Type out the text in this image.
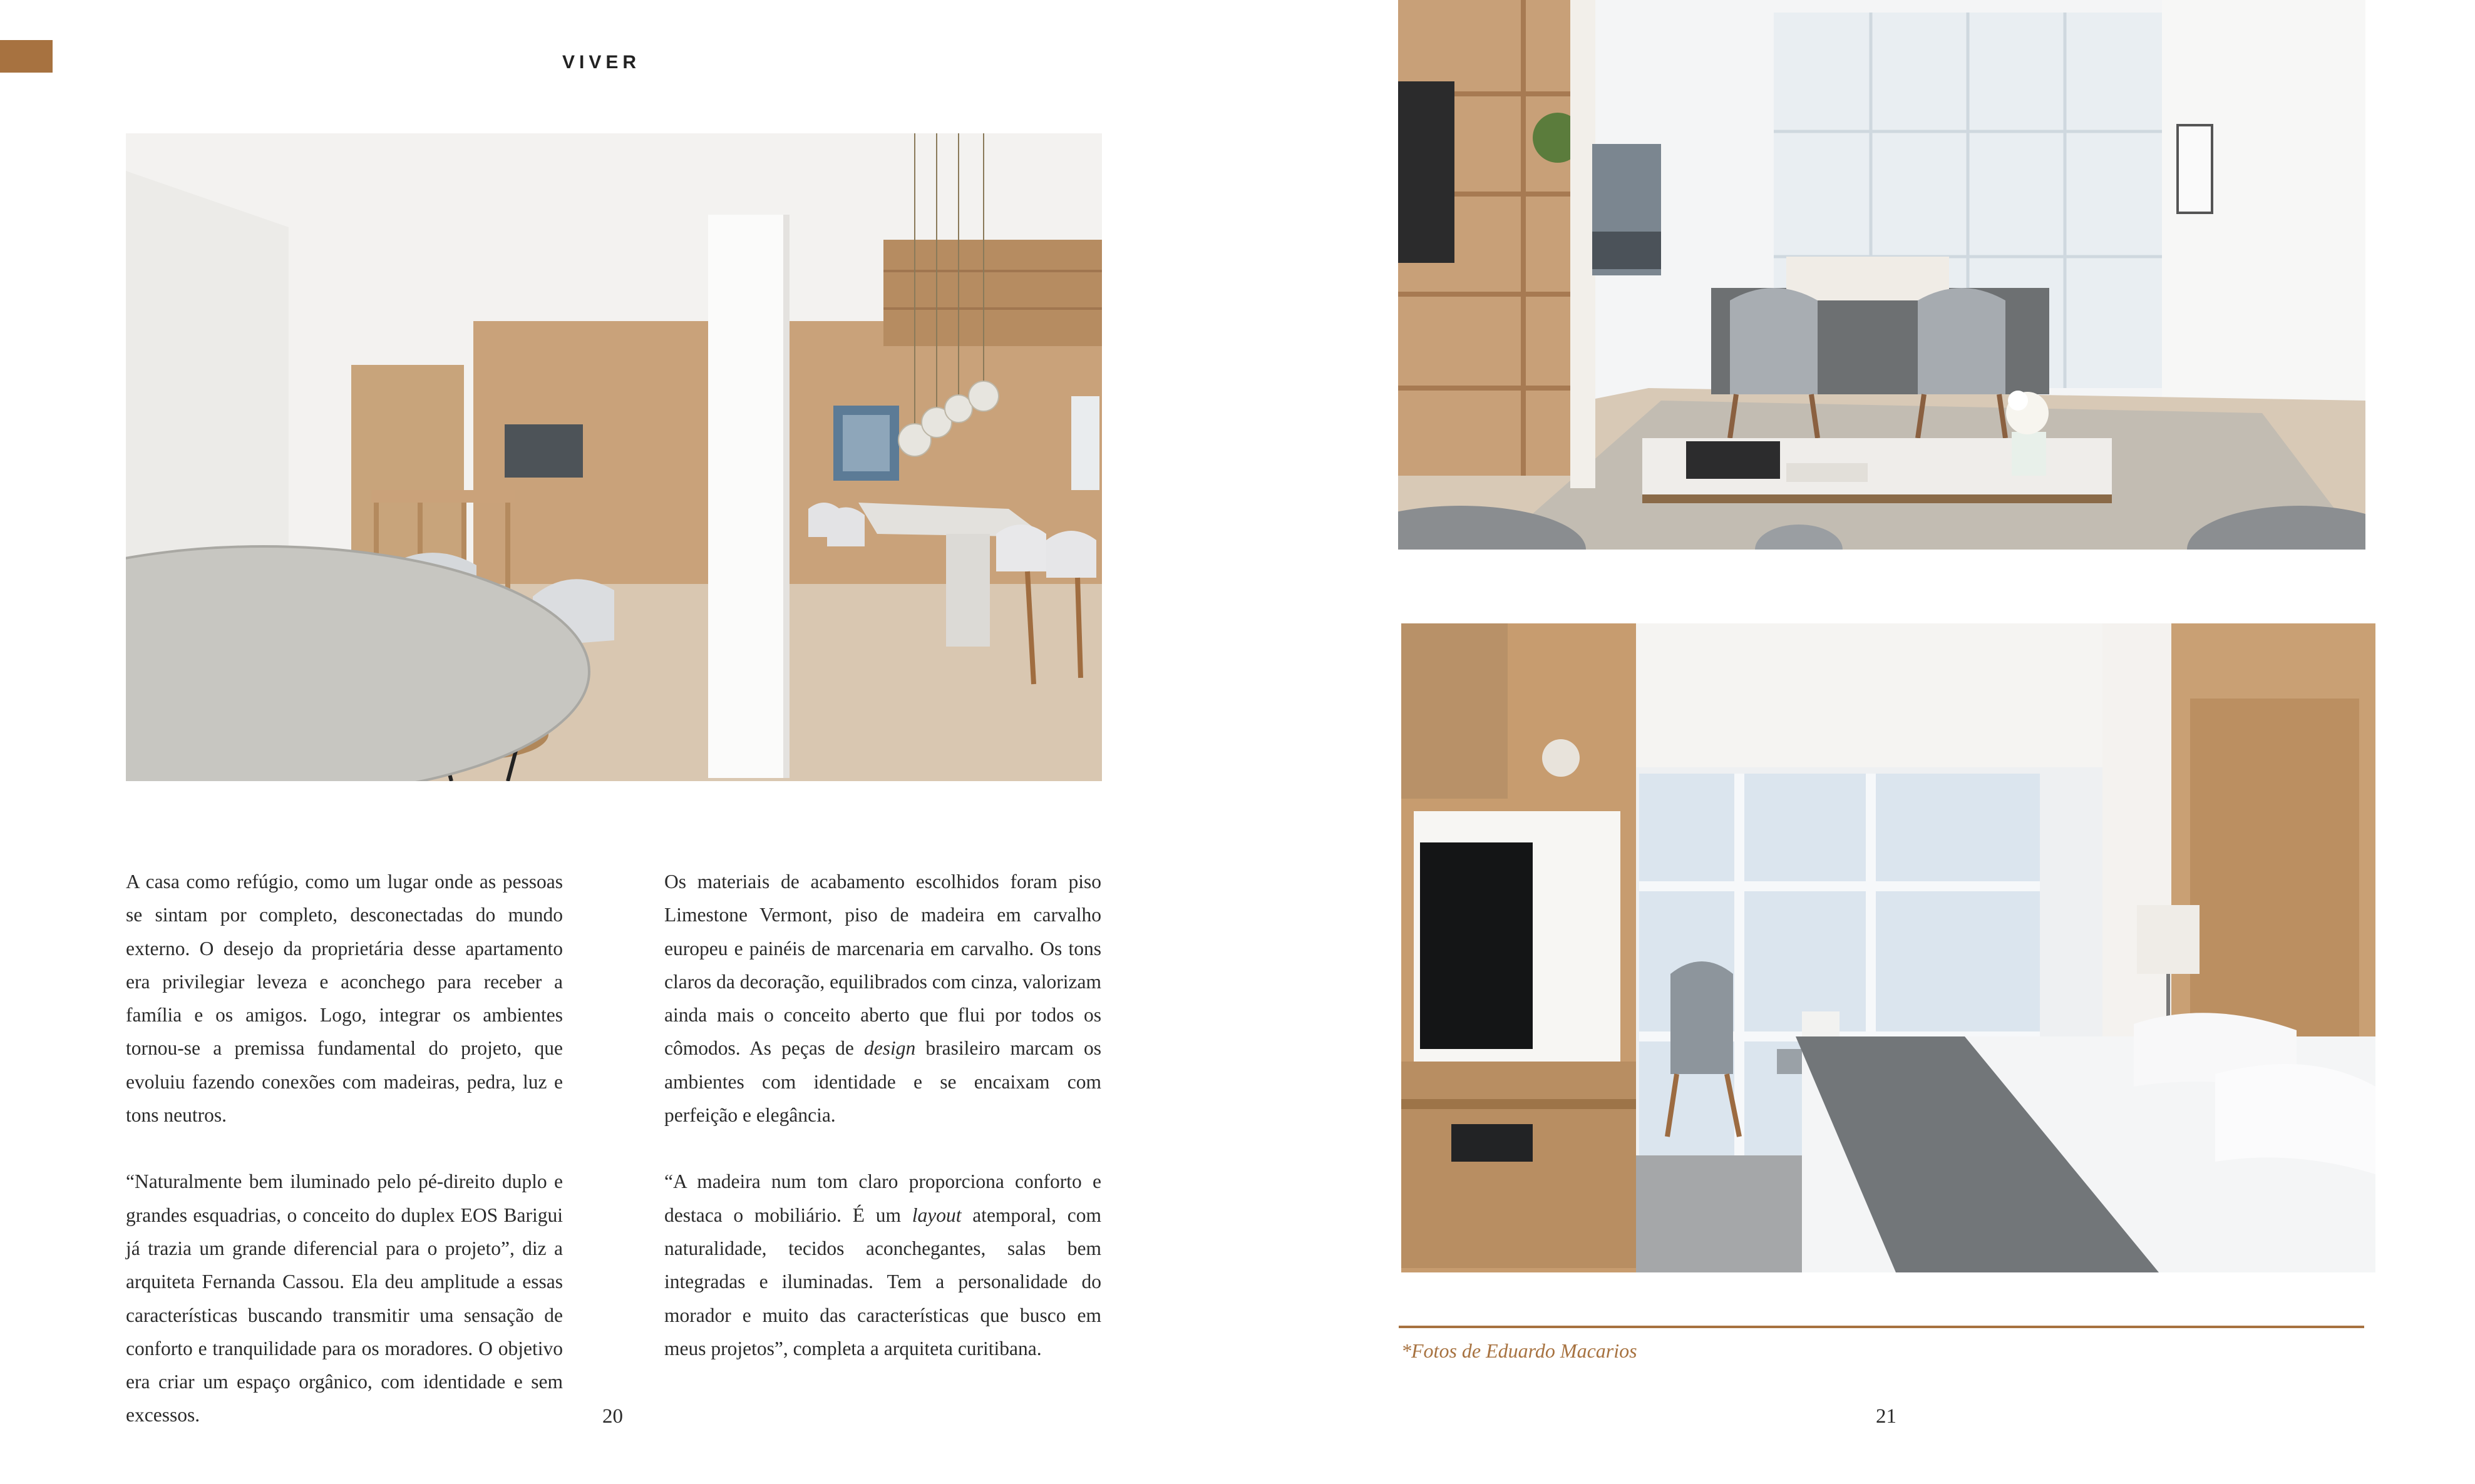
VIVER

A casa como refúgio, como um lugar onde as pessoas se sintam por completo, desconectadas do mundo externo. O desejo da proprietária desse apartamento era privilegiar leveza e aconchego para receber a família e os amigos. Logo, integrar os ambientes tornou-se a premissa fundamental do projeto, que evoluiu fazendo conexões com madeiras, pedra, luz e tons neutros.

“Naturalmente bem iluminado pelo pé-direito duplo e grandes esquadrias, o conceito do duplex EOS Barigui já trazia um grande diferencial para o projeto”, diz a arquiteta Fernanda Cassou. Ela deu amplitude a essas características buscando transmitir uma sensação de conforto e tranquilidade para os moradores. O objetivo era criar um espaço orgânico, com identidade e sem excessos.

Os materiais de acabamento escolhidos foram piso Limestone Vermont, piso de madeira em carvalho europeu e painéis de marcenaria em carvalho. Os tons claros da decoração, equilibrados com cinza, valorizam ainda mais o conceito aberto que flui por todos os cômodos. As peças de design brasileiro marcam os ambientes com identidade e se encaixam com perfeição e elegância.

“A madeira num tom claro proporciona conforto e destaca o mobiliário. É um layout atemporal, com naturalidade, tecidos aconchegantes, salas bem integradas e iluminadas. Tem a personalidade do morador e muito das características que busco em meus projetos”, completa a arquiteta curitibana.

20
*Fotos de Eduardo Macarios
21
